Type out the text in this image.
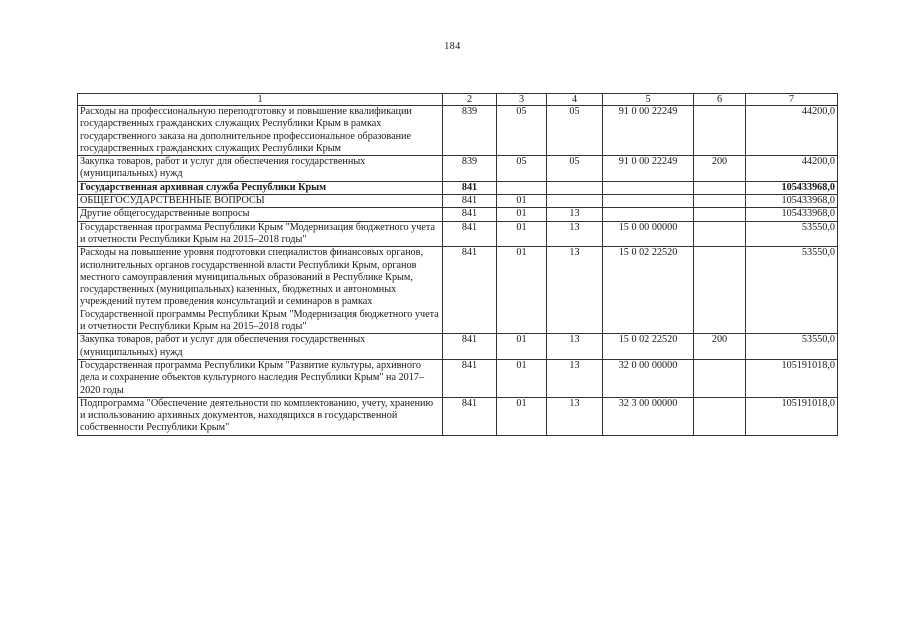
184
1	2	3	4	5	6	7
Расходы на профессиональную переподготовку и повышение квалификации государственных гражданских служащих Республики Крым в рамках государственного заказа на дополнительное профессиональное образование государственных гражданских служащих Республики Крым	839	05	05	91 0 00 22249		44200,0
Закупка товаров, работ и услуг для обеспечения государственных (муниципальных) нужд	839	05	05	91 0 00 22249	200	44200,0
Государственная архивная служба Республики Крым	841					105433968,0
ОБЩЕГОСУДАРСТВЕННЫЕ ВОПРОСЫ	841	01				105433968,0
Другие общегосударственные вопросы	841	01	13			105433968,0
Государственная программа Республики Крым "Модернизация бюджетного учета и отчетности Республики Крым на 2015–2018 годы"	841	01	13	15 0 00 00000		53550,0
Расходы на повышение уровня подготовки специалистов финансовых органов, исполнительных органов государственной власти Республики Крым, органов местного самоуправления муниципальных образований в Республике Крым, государственных (муниципальных) казенных, бюджетных и автономных учреждений путем проведения консультаций и семинаров в рамках Государственной программы Республики Крым "Модернизация бюджетного учета и отчетности Республики Крым на 2015–2018 годы"	841	01	13	15 0 02 22520		53550,0
Закупка товаров, работ и услуг для обеспечения государственных (муниципальных) нужд	841	01	13	15 0 02 22520	200	53550,0
Государственная программа Республики Крым "Развитие культуры, архивного дела и сохранение объектов культурного наследия Республики Крым" на 2017–2020 годы	841	01	13	32 0 00 00000		105191018,0
Подпрограмма "Обеспечение деятельности по комплектованию, учету, хранению и использованию архивных документов, находящихся в государственной собственности Республики Крым"	841	01	13	32 3 00 00000		105191018,0
